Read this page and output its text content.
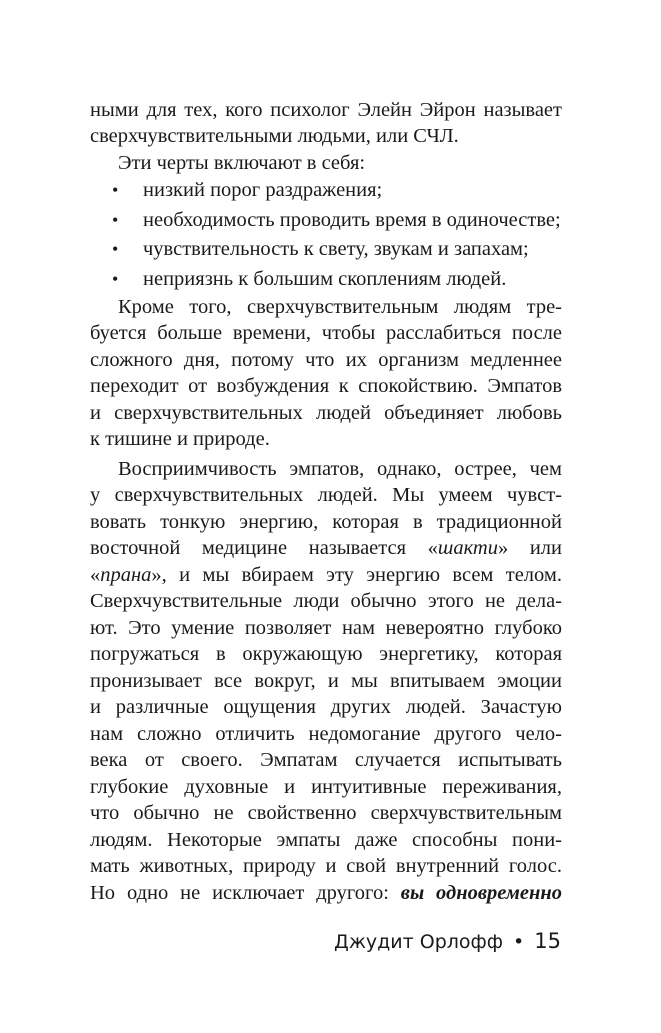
ными для тех, кого психолог Элейн Эйрон называет
сверхчувствительными людьми, или СЧЛ.
Эти черты включают в себя:
• низкий порог раздражения;
• необходимость проводить время в одиночестве;
• чувствительность к свету, звукам и запахам;
• неприязнь к большим скоплениям людей.
Кроме того, сверхчувствительным людям тре-
буется больше времени, чтобы расслабиться после
сложного дня, потому что их организм медленнее
переходит от возбуждения к спокойствию. Эмпатов
и сверхчувствительных людей объединяет любовь
к тишине и природе.
Восприимчивость эмпатов, однако, острее, чем
у сверхчувствительных людей. Мы умеем чувст-
вовать тонкую энергию, которая в традиционной
восточной медицине называется «шакти» или
«прана», и мы вбираем эту энергию всем телом.
Сверхчувствительные люди обычно этого не дела-
ют. Это умение позволяет нам невероятно глубоко
погружаться в окружающую энергетику, которая
пронизывает все вокруг, и мы впитываем эмоции
и различные ощущения других людей. Зачастую
нам сложно отличить недомогание другого чело-
века от своего. Эмпатам случается испытывать
глубокие духовные и интуитивные переживания,
что обычно не свойственно сверхчувствительным
людям. Некоторые эмпаты даже способны пони-
мать животных, природу и свой внутренний голос.
Но одно не исключает другого: вы одновременно
Джудит Орлофф • 15
